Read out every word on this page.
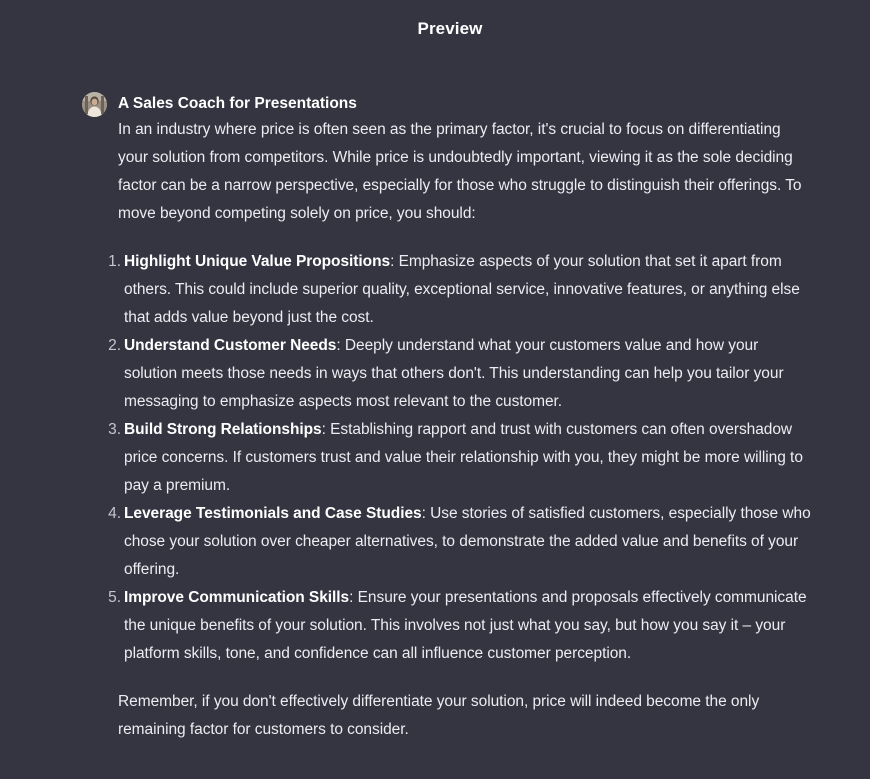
Preview

A Sales Coach for Presentations

In an industry where price is often seen as the primary factor, it's crucial to focus on differentiating your solution from competitors. While price is undoubtedly important, viewing it as the sole deciding factor can be a narrow perspective, especially for those who struggle to distinguish their offerings. To move beyond competing solely on price, you should:

1. Highlight Unique Value Propositions: Emphasize aspects of your solution that set it apart from others. This could include superior quality, exceptional service, innovative features, or anything else that adds value beyond just the cost.
2. Understand Customer Needs: Deeply understand what your customers value and how your solution meets those needs in ways that others don't. This understanding can help you tailor your messaging to emphasize aspects most relevant to the customer.
3. Build Strong Relationships: Establishing rapport and trust with customers can often overshadow price concerns. If customers trust and value their relationship with you, they might be more willing to pay a premium.
4. Leverage Testimonials and Case Studies: Use stories of satisfied customers, especially those who chose your solution over cheaper alternatives, to demonstrate the added value and benefits of your offering.
5. Improve Communication Skills: Ensure your presentations and proposals effectively communicate the unique benefits of your solution. This involves not just what you say, but how you say it – your platform skills, tone, and confidence can all influence customer perception.

Remember, if you don't effectively differentiate your solution, price will indeed become the only remaining factor for customers to consider.
